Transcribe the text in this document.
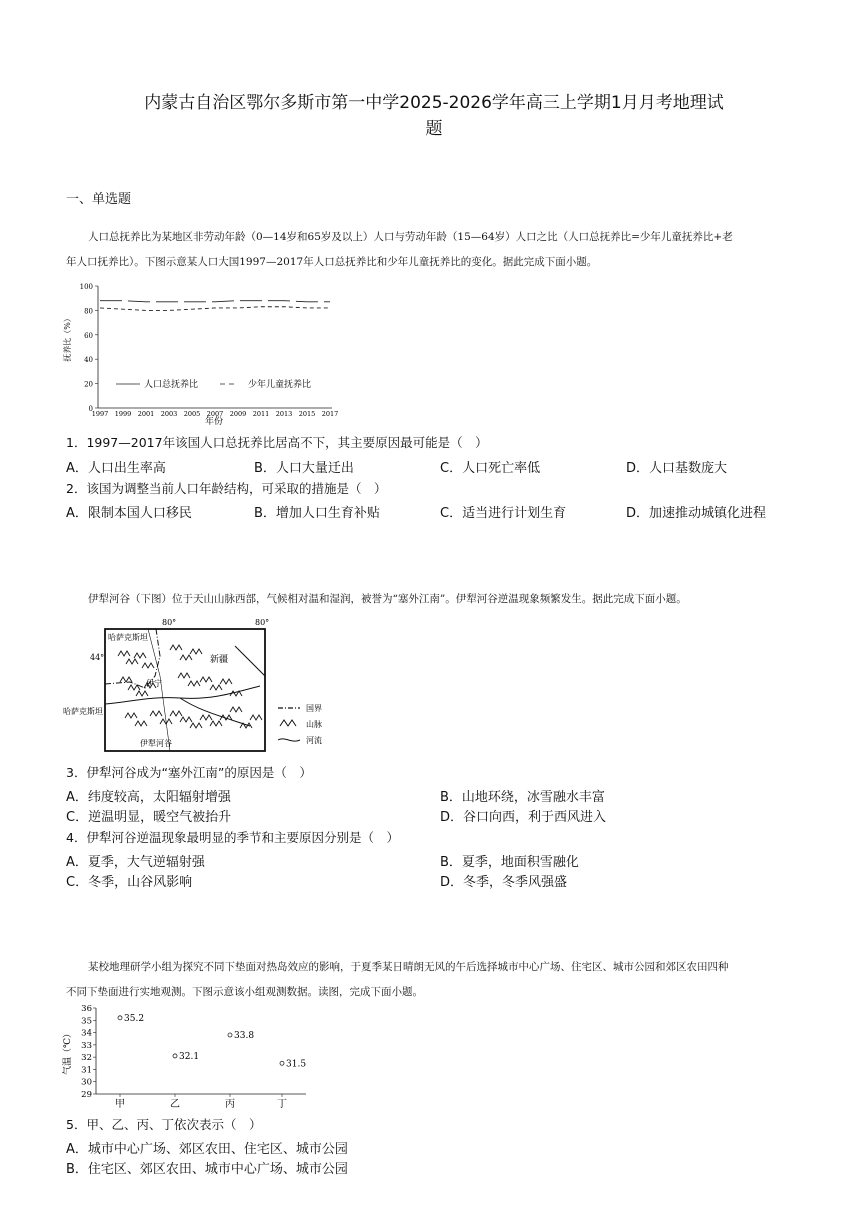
内蒙古自治区鄂尔多斯市第一中学2025-2026学年高三上学期1月月考地理试
题
一、单选题
人口总抚养比为某地区非劳动年龄（0—14岁和65岁及以上）人口与劳动年龄（15—64岁）人口之比（人口总抚养比=少年儿童抚养比+老
年人口抚养比）。下图示意某人口大国1997—2017年人口总抚养比和少年儿童抚养比的变化。据此完成下面小题。
0
20
40
60
80
100
1997 1999 2001 2003 2005 2007 2009 2011 2013 2015 2017
抚养比（%）
年份
人口总抚养比	少年儿童抚养比
1．1997—2017年该国人口总抚养比居高不下，其主要原因最可能是（　）
A．人口出生率高	B．人口大量迁出	C．人口死亡率低	D．人口基数庞大
2．该国为调整当前人口年龄结构，可采取的措施是（　）
A．限制本国人口移民	B．增加人口生育补贴	C．适当进行计划生育	D．加速推动城镇化进程
伊犁河谷（下图）位于天山山脉西部，气候相对温和湿润，被誉为“塞外江南”。伊犁河谷逆温现象频繁发生。据此完成下面小题。
80°	80°
44°
哈萨克斯坦
新疆
伊宁
哈萨克斯坦
伊犁河谷
国界
山脉
河流
3．伊犁河谷成为“塞外江南”的原因是（　）
A．纬度较高，太阳辐射增强	B．山地环绕，冰雪融水丰富
C．逆温明显，暖空气被抬升	D．谷口向西，利于西风进入
4．伊犁河谷逆温现象最明显的季节和主要原因分别是（　）
A．夏季，大气逆辐射强	B．夏季，地面积雪融化
C．冬季，山谷风影响	D．冬季，冬季风强盛
某校地理研学小组为探究不同下垫面对热岛效应的影响，于夏季某日晴朗无风的午后选择城市中心广场、住宅区、城市公园和郊区农田四种
不同下垫面进行实地观测。下图示意该小组观测数据。读图，完成下面小题。
29
30
31
32
33
34
35
36
甲	乙	丙	丁
35.2
32.1
33.8
31.5
气温（℃）
5．甲、乙、丙、丁依次表示（　）
A．城市中心广场、郊区农田、住宅区、城市公园
B．住宅区、郊区农田、城市中心广场、城市公园
